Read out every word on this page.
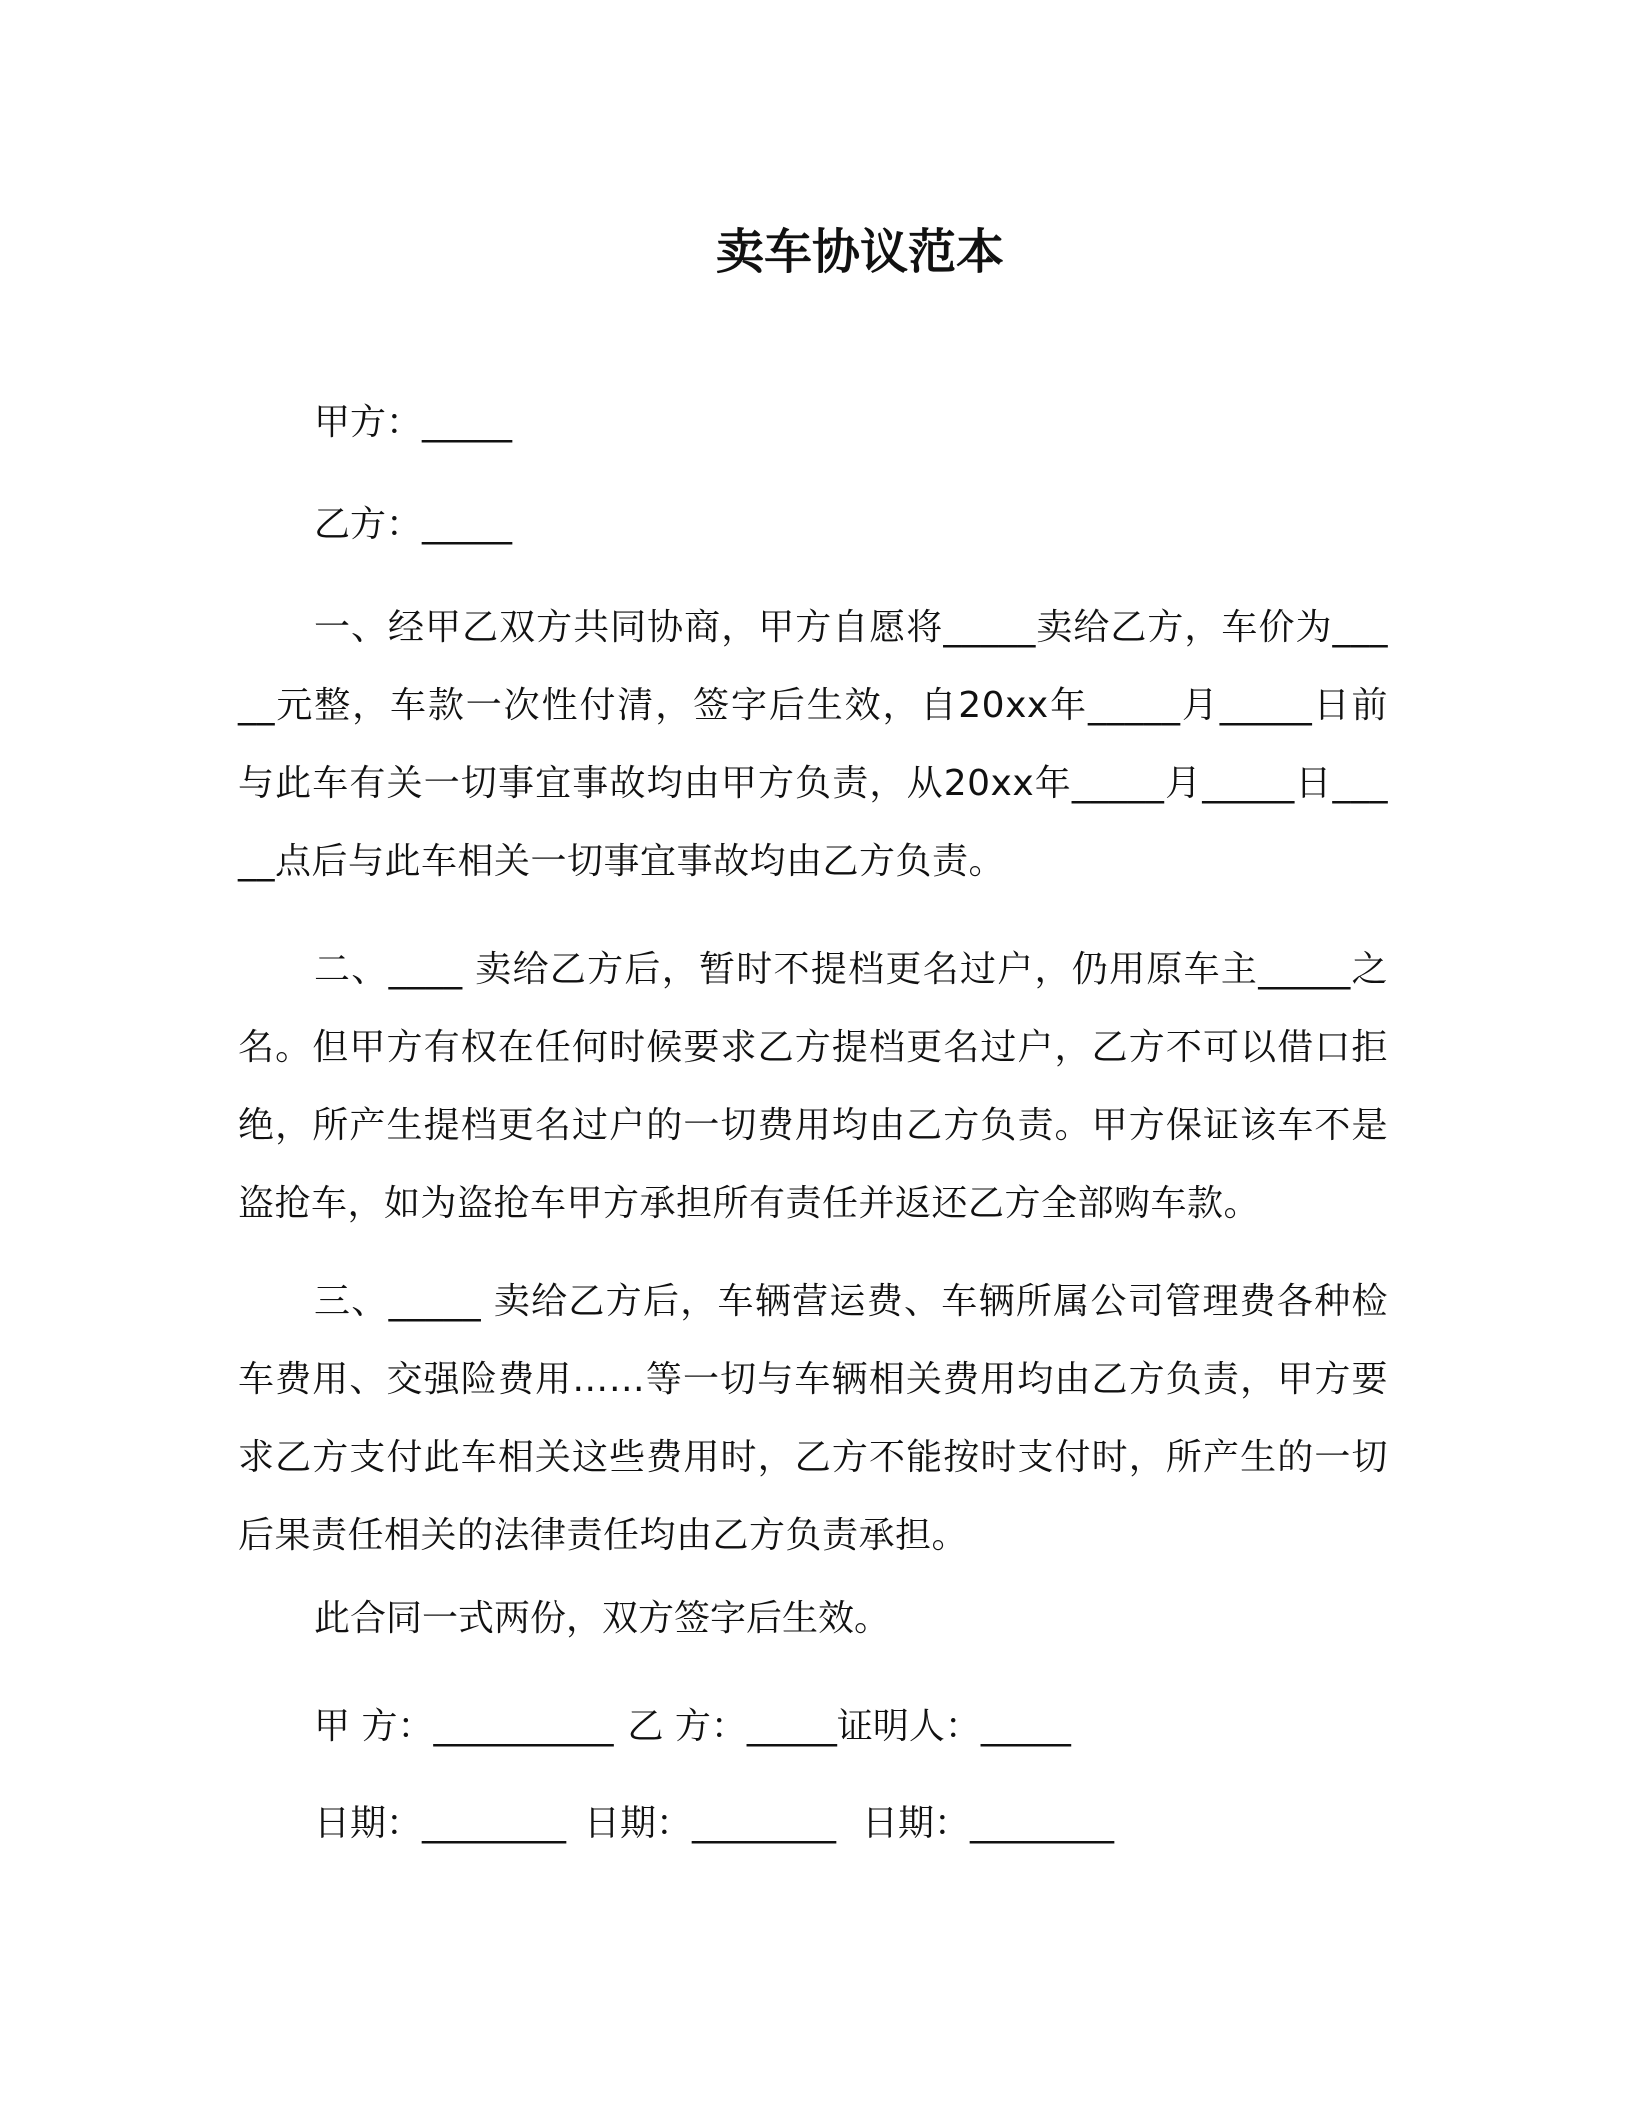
卖车协议范本
甲方：_____
乙方：_____
一、经甲乙双方共同协商，甲方自愿将_____卖给乙方，车价为_____元整，车款一次性付清，签字后生效，自20xx年_____月_____日前与此车有关一切事宜事故均由甲方负责，从20xx年_____月_____日_____点后与此车相关一切事宜事故均由乙方负责。
二、____ 卖给乙方后，暂时不提档更名过户，仍用原车主_____之名。但甲方有权在任何时候要求乙方提档更名过户，乙方不可以借口拒绝，所产生提档更名过户的一切费用均由乙方负责。甲方保证该车不是盗抢车，如为盗抢车甲方承担所有责任并返还乙方全部购车款。
三、_____ 卖给乙方后，车辆营运费、车辆所属公司管理费各种检车费用、交强险费用……等一切与车辆相关费用均由乙方负责，甲方要求乙方支付此车相关这些费用时，乙方不能按时支付时，所产生的一切后果责任相关的法律责任均由乙方负责承担。
此合同一式两份，双方签字后生效。
甲 方：__________ 乙 方：_____证明人：_____
日期：________ 日期：________ 日期：________
